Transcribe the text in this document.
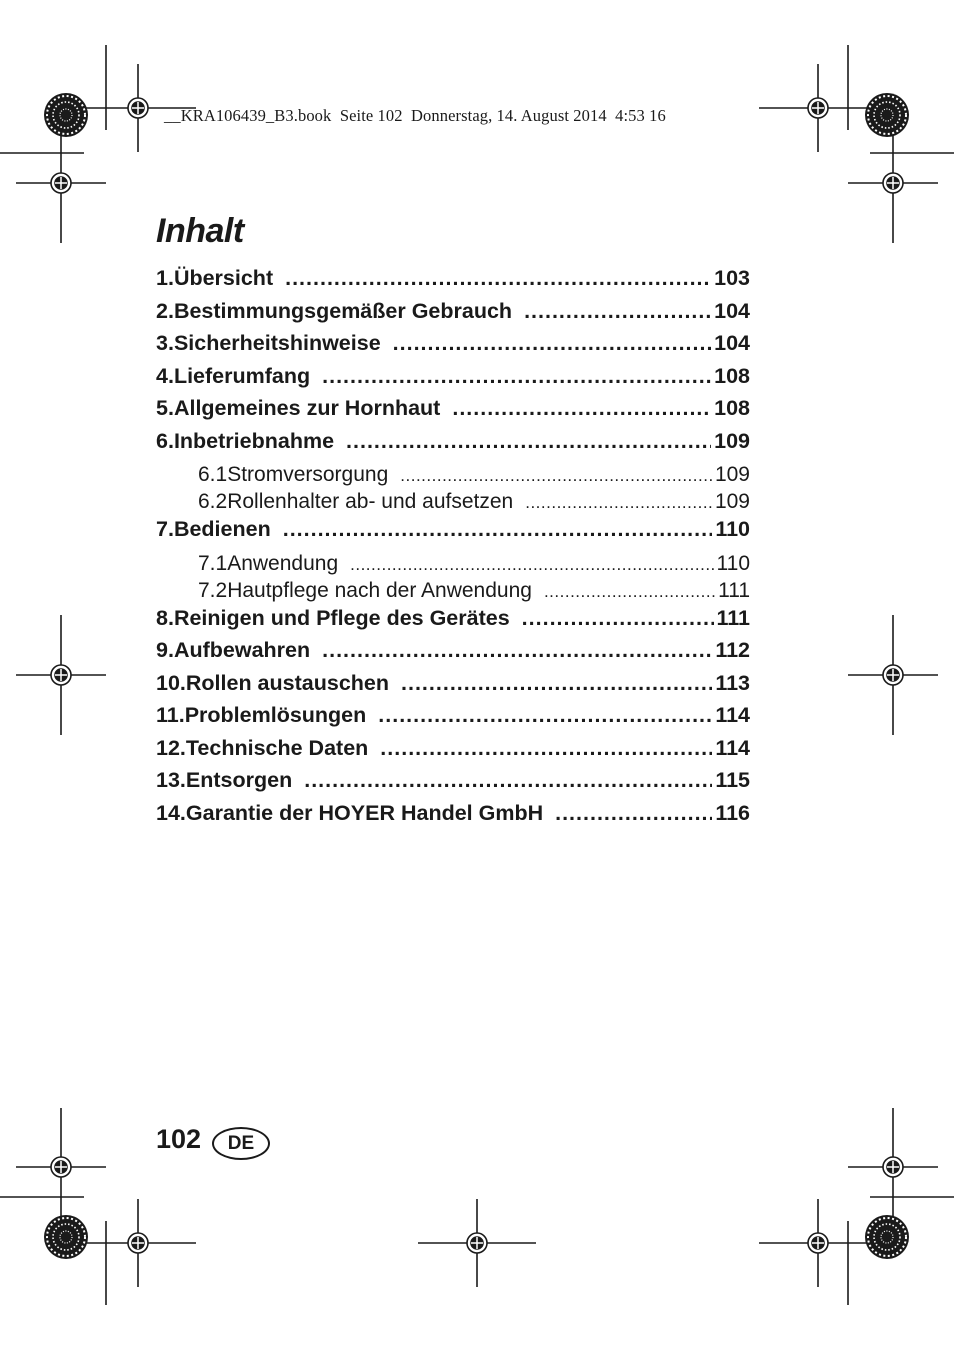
__KRA106439_B3.book  Seite 102  Donnerstag, 14. August 2014  4:53 16
Inhalt
1. Übersicht .....	103
2. Bestimmungsgemäßer Gebrauch .....	104
3. Sicherheitshinweise .....	104
4. Lieferumfang .....	108
5. Allgemeines zur Hornhaut .....	108
6. Inbetriebnahme .....	109
6.1 Stromversorgung .....	109
6.2 Rollenhalter ab- und aufsetzen .....	109
7. Bedienen .....	110
7.1 Anwendung .....	110
7.2 Hautpflege nach der Anwendung .....	111
8. Reinigen und Pflege des Gerätes .....	111
9. Aufbewahren .....	112
10. Rollen austauschen .....	113
11. Problemlösungen .....	114
12. Technische Daten .....	114
13. Entsorgen .....	115
14. Garantie der HOYER Handel GmbH .....	116
102	DE
